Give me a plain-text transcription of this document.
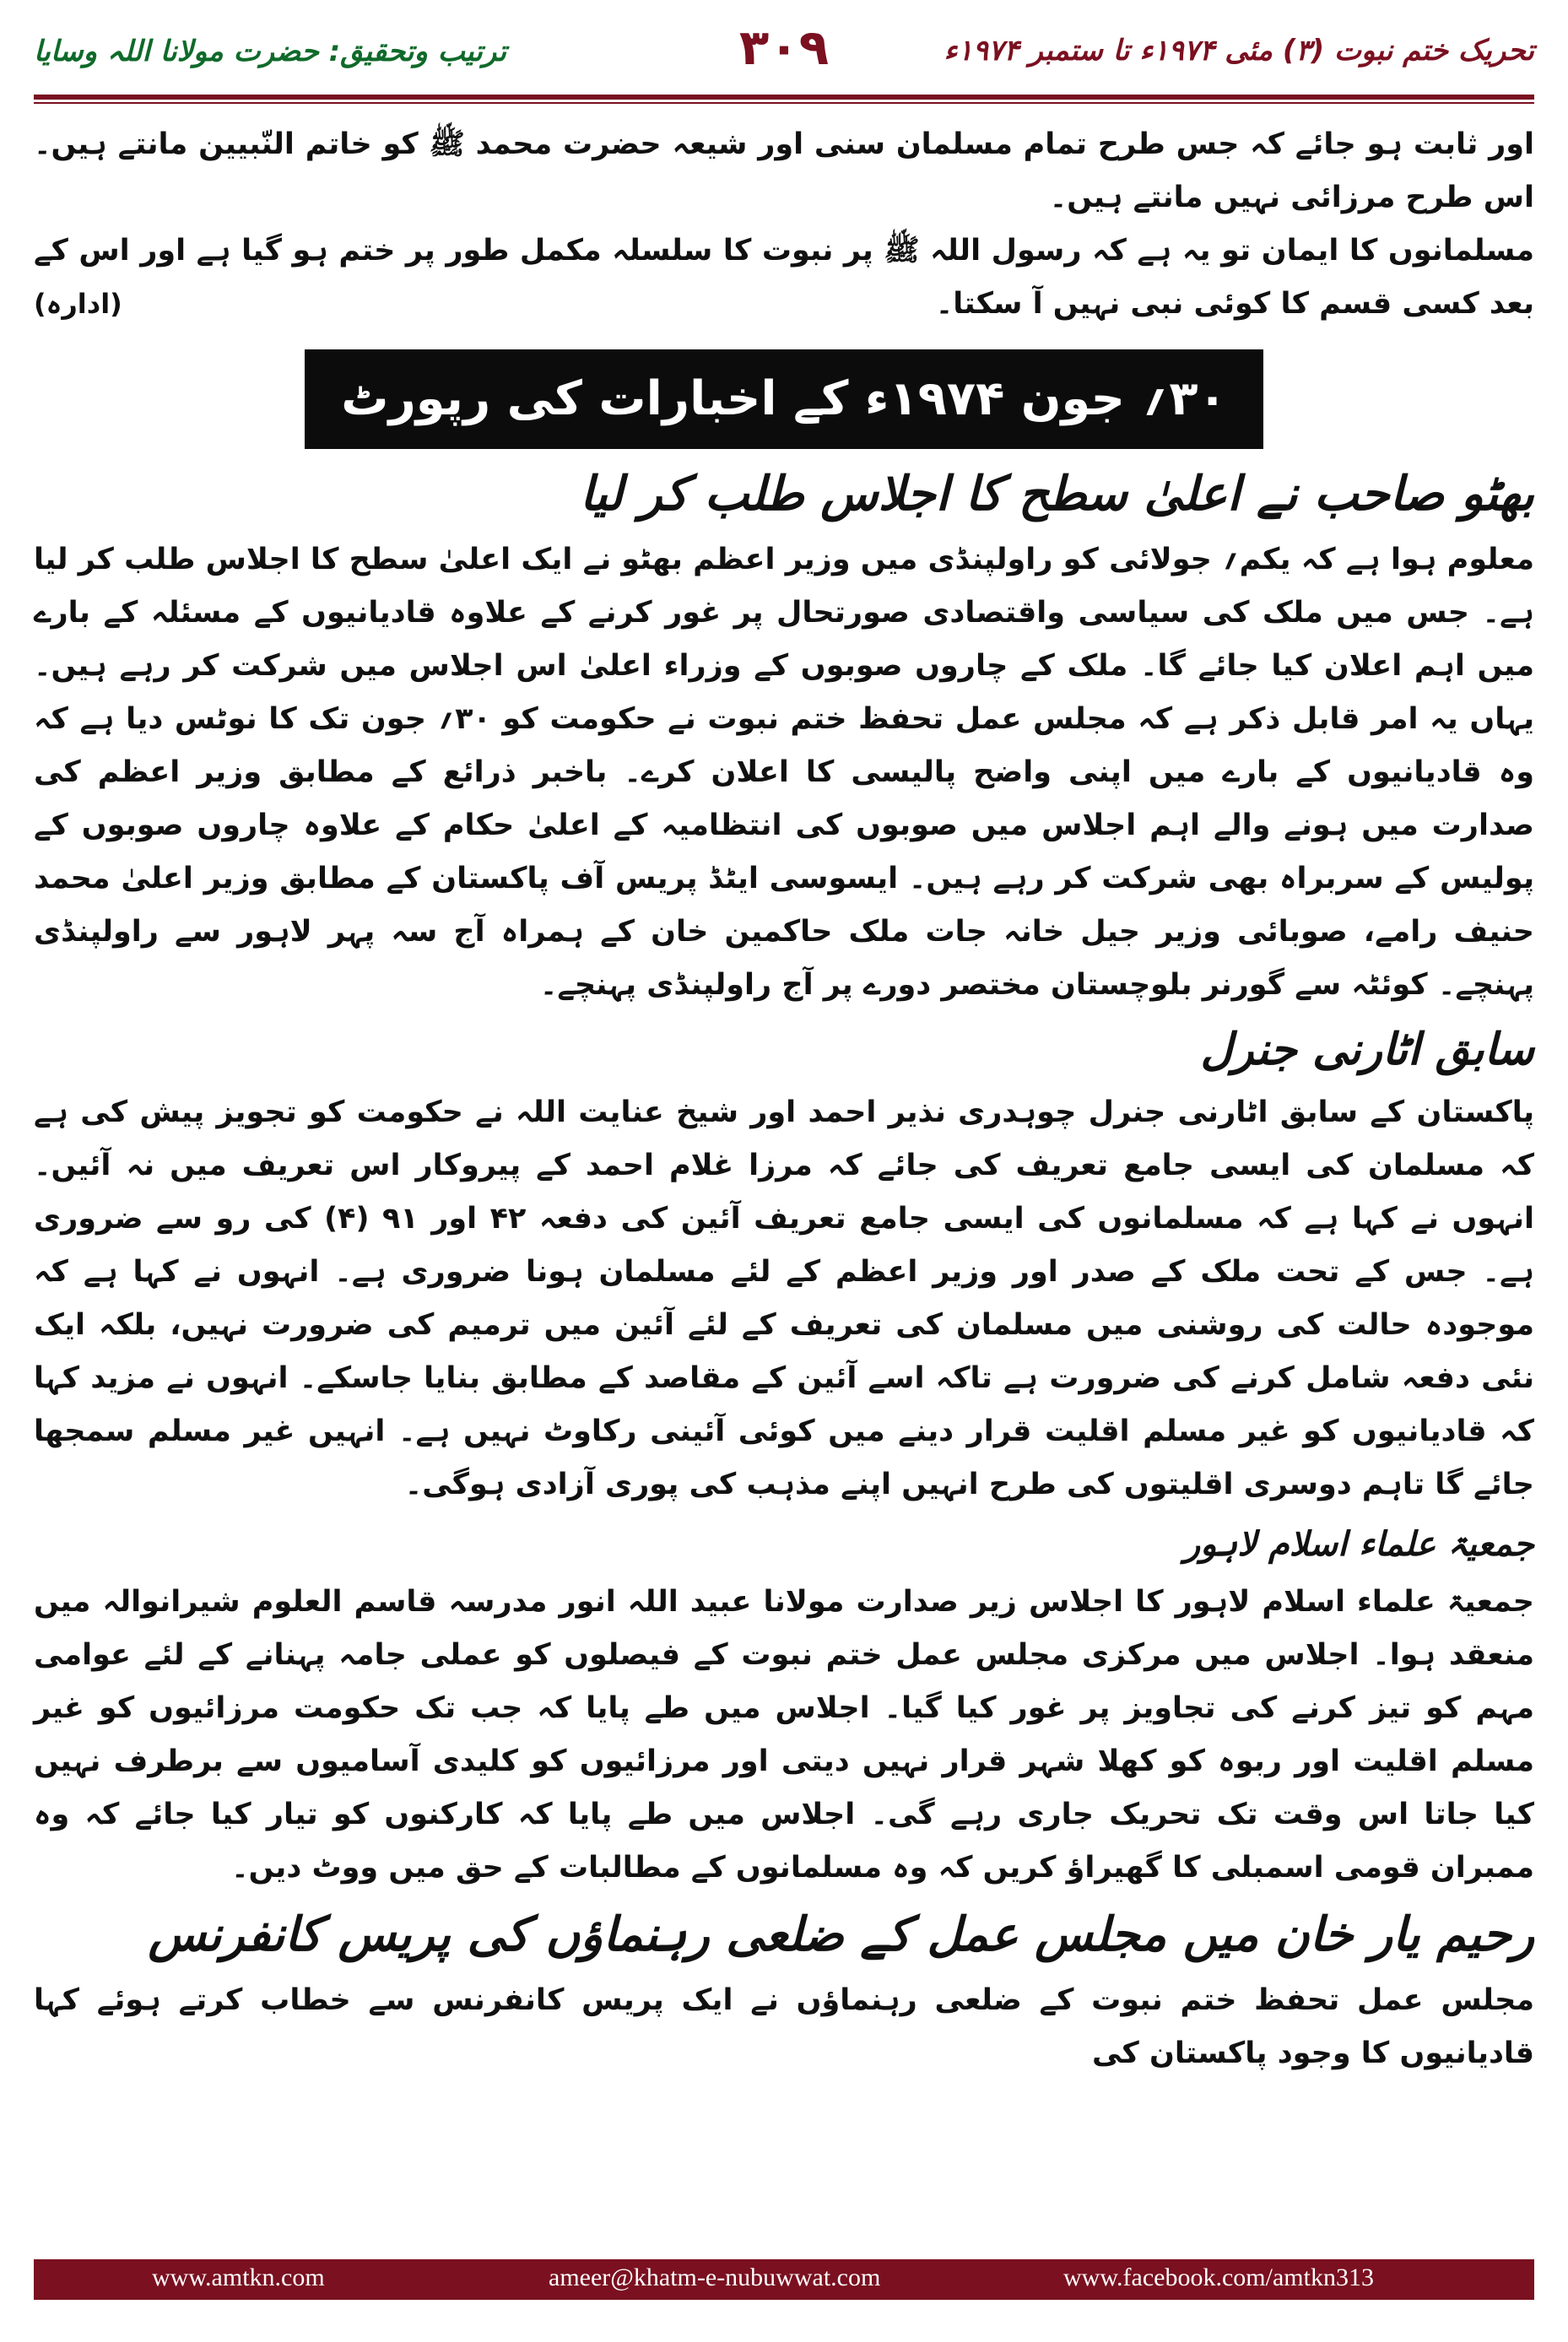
تحریک ختم نبوت (۳) مئی ۱۹۷۴ء تا ستمبر ۱۹۷۴ء
۳۰۹
ترتیب وتحقیق: حضرت مولانا اللہ وسایا

اور ثابت ہو جائے کہ جس طرح تمام مسلمان سنی اور شیعہ حضرت محمد ﷺ کو خاتم النّبیین مانتے ہیں۔ اس طرح مرزائی نہیں مانتے ہیں۔

مسلمانوں کا ایمان تو یہ ہے کہ رسول اللہ ﷺ پر نبوت کا سلسلہ مکمل طور پر ختم ہو گیا ہے اور اس کے بعد کسی قسم کا کوئی نبی نہیں آ سکتا۔
(ادارہ)

۳۰؍ جون ۱۹۷۴ء کے اخبارات کی رپورٹ
بھٹو صاحب نے اعلیٰ سطح کا اجلاس طلب کر لیا

معلوم ہوا ہے کہ یکم؍ جولائی کو راولپنڈی میں وزیر اعظم بھٹو نے ایک اعلیٰ سطح کا اجلاس طلب کر لیا ہے۔ جس میں ملک کی سیاسی واقتصادی صورتحال پر غور کرنے کے علاوہ قادیانیوں کے مسئلہ کے بارے میں اہم اعلان کیا جائے گا۔ ملک کے چاروں صوبوں کے وزراء اعلیٰ اس اجلاس میں شرکت کر رہے ہیں۔ یہاں یہ امر قابل ذکر ہے کہ مجلس عمل تحفظ ختم نبوت نے حکومت کو ۳۰؍ جون تک کا نوٹس دیا ہے کہ وہ قادیانیوں کے بارے میں اپنی واضح پالیسی کا اعلان کرے۔ باخبر ذرائع کے مطابق وزیر اعظم کی صدارت میں ہونے والے اہم اجلاس میں صوبوں کی انتظامیہ کے اعلیٰ حکام کے علاوہ چاروں صوبوں کے پولیس کے سربراہ بھی شرکت کر رہے ہیں۔ ایسوسی ایٹڈ پریس آف پاکستان کے مطابق وزیر اعلیٰ محمد حنیف رامے، صوبائی وزیر جیل خانہ جات ملک حاکمین خان کے ہمراہ آج سہ پہر لاہور سے راولپنڈی پہنچے۔ کوئٹہ سے گورنر بلوچستان مختصر دورے پر آج راولپنڈی پہنچے۔

سابق اٹارنی جنرل

پاکستان کے سابق اٹارنی جنرل چوہدری نذیر احمد اور شیخ عنایت اللہ نے حکومت کو تجویز پیش کی ہے کہ مسلمان کی ایسی جامع تعریف کی جائے کہ مرزا غلام احمد کے پیروکار اس تعریف میں نہ آئیں۔ انہوں نے کہا ہے کہ مسلمانوں کی ایسی جامع تعریف آئین کی دفعہ ۴۲ اور ۹۱ (۴) کی رو سے ضروری ہے۔ جس کے تحت ملک کے صدر اور وزیر اعظم کے لئے مسلمان ہونا ضروری ہے۔ انہوں نے کہا ہے کہ موجودہ حالت کی روشنی میں مسلمان کی تعریف کے لئے آئین میں ترمیم کی ضرورت نہیں، بلکہ ایک نئی دفعہ شامل کرنے کی ضرورت ہے تاکہ اسے آئین کے مقاصد کے مطابق بنایا جاسکے۔ انہوں نے مزید کہا کہ قادیانیوں کو غیر مسلم اقلیت قرار دینے میں کوئی آئینی رکاوٹ نہیں ہے۔ انہیں غیر مسلم سمجھا جائے گا تاہم دوسری اقلیتوں کی طرح انہیں اپنے مذہب کی پوری آزادی ہوگی۔

جمعیۃ علماء اسلام لاہور

جمعیۃ علماء اسلام لاہور کا اجلاس زیر صدارت مولانا عبید اللہ انور مدرسہ قاسم العلوم شیرانوالہ میں منعقد ہوا۔ اجلاس میں مرکزی مجلس عمل ختم نبوت کے فیصلوں کو عملی جامہ پہنانے کے لئے عوامی مہم کو تیز کرنے کی تجاویز پر غور کیا گیا۔ اجلاس میں طے پایا کہ جب تک حکومت مرزائیوں کو غیر مسلم اقلیت اور ربوہ کو کھلا شہر قرار نہیں دیتی اور مرزائیوں کو کلیدی آسامیوں سے برطرف نہیں کیا جاتا اس وقت تک تحریک جاری رہے گی۔ اجلاس میں طے پایا کہ کارکنوں کو تیار کیا جائے کہ وہ ممبران قومی اسمبلی کا گھیراؤ کریں کہ وہ مسلمانوں کے مطالبات کے حق میں ووٹ دیں۔

رحیم یار خان میں مجلس عمل کے ضلعی رہنماؤں کی پریس کانفرنس

مجلس عمل تحفظ ختم نبوت کے ضلعی رہنماؤں نے ایک پریس کانفرنس سے خطاب کرتے ہوئے کہا قادیانیوں کا وجود پاکستان کی

www.amtkn.com	ameer@khatm-e-nubuwwat.com	www.facebook.com/amtkn313
